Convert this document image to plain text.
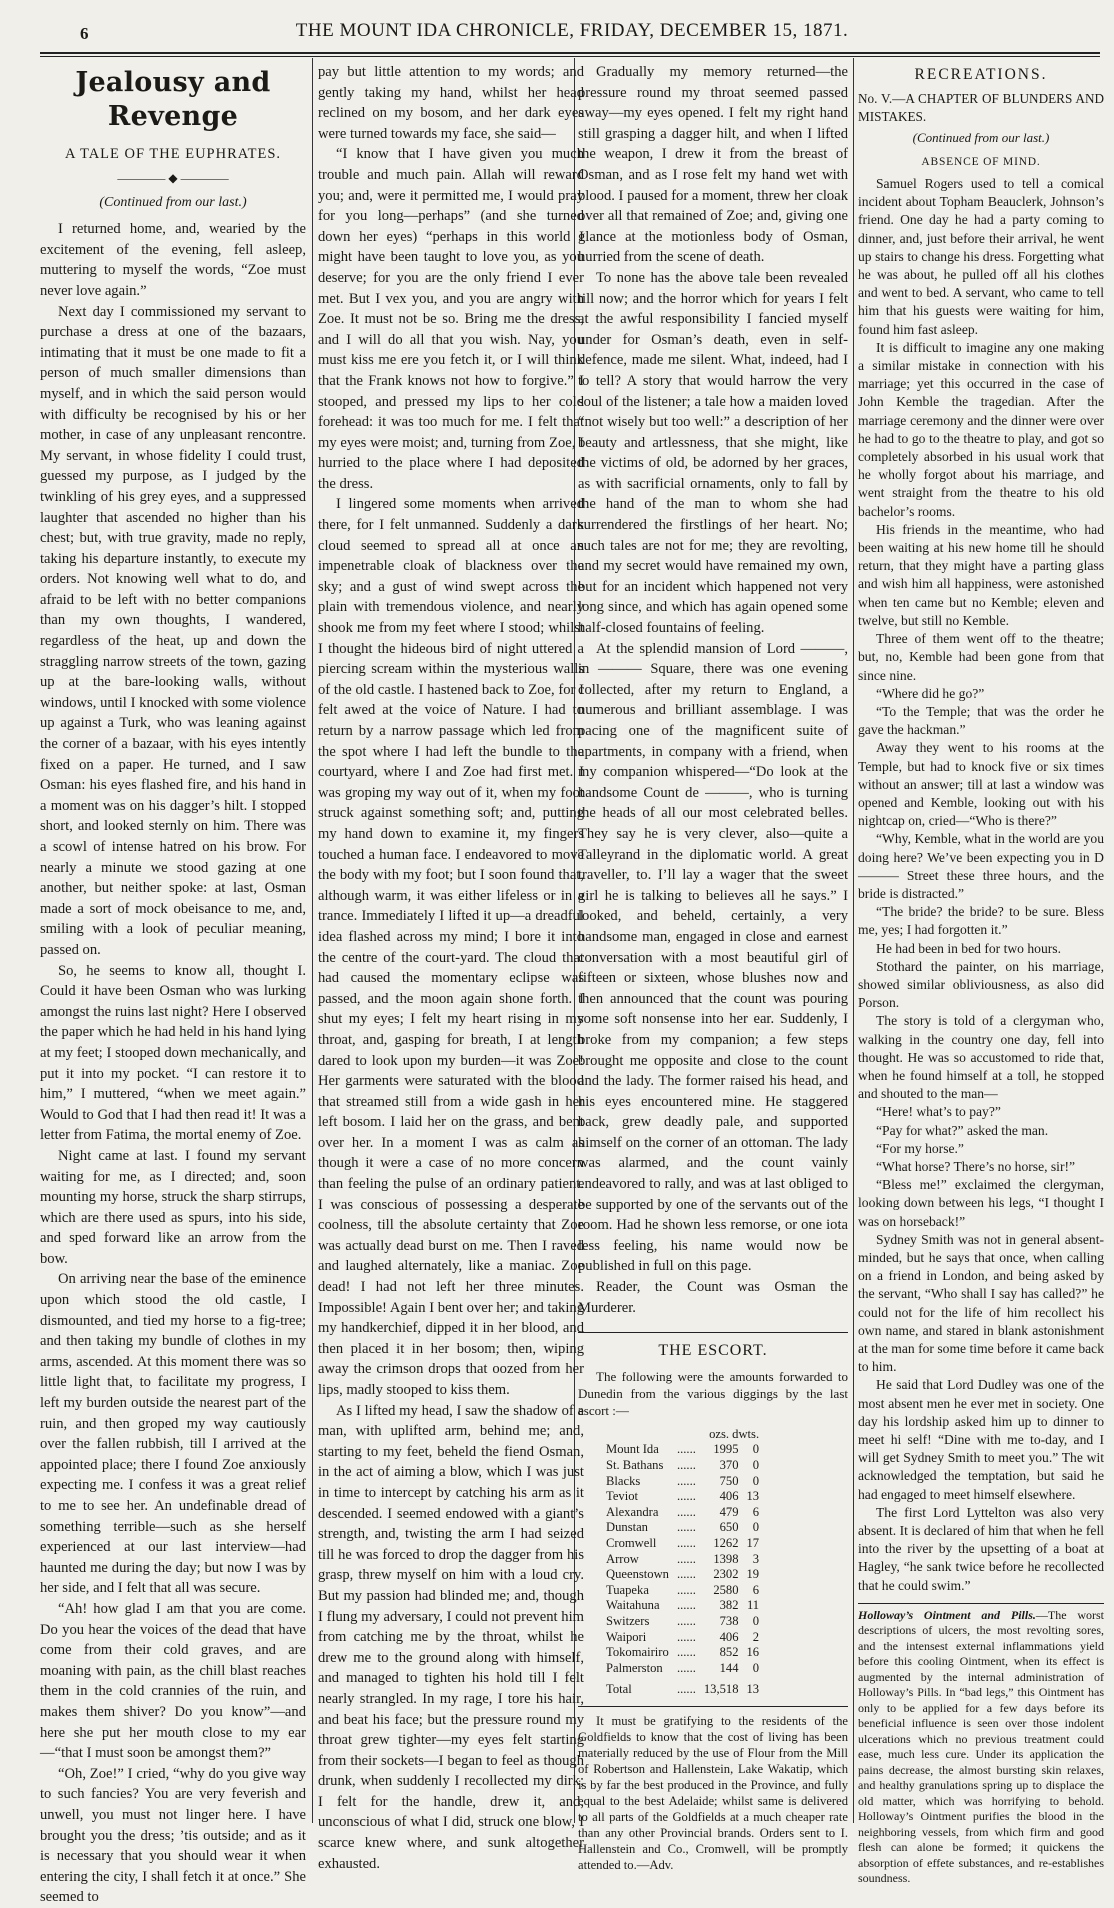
6	THE MOUNT IDA CHRONICLE, FRIDAY, DECEMBER 15, 1871.
Jealousy and Revenge
A TALE OF THE EUPHRATES.
———— ◆ ————
(Continued from our last.)

I returned home, and, wearied by the excitement of the evening, fell asleep, muttering to myself the words, “Zoe must never love again.”

Next day I commissioned my servant to purchase a dress at one of the bazaars, intimating that it must be one made to fit a person of much smaller dimensions than myself, and in which the said person would with difficulty be recognised by his or her mother, in case of any unpleasant rencontre. My servant, in whose fidelity I could trust, guessed my purpose, as I judged by the twinkling of his grey eyes, and a suppressed laughter that ascended no higher than his chest; but, with true gravity, made no reply, taking his departure instantly, to execute my orders. Not knowing well what to do, and afraid to be left with no better companions than my own thoughts, I wandered, regardless of the heat, up and down the straggling narrow streets of the town, gazing up at the bare-looking walls, without windows, until I knocked with some violence up against a Turk, who was leaning against the corner of a bazaar, with his eyes intently fixed on a paper. He turned, and I saw Osman: his eyes flashed fire, and his hand in a moment was on his dagger’s hilt. I stopped short, and looked sternly on him. There was a scowl of intense hatred on his brow. For nearly a minute we stood gazing at one another, but neither spoke: at last, Osman made a sort of mock obeisance to me, and, smiling with a look of peculiar meaning, passed on.

So, he seems to know all, thought I. Could it have been Osman who was lurking amongst the ruins last night? Here I observed the paper which he had held in his hand lying at my feet; I stooped down mechanically, and put it into my pocket. “I can restore it to him,” I muttered, “when we meet again.” Would to God that I had then read it! It was a letter from Fatima, the mortal enemy of Zoe.

Night came at last. I found my servant waiting for me, as I directed; and, soon mounting my horse, struck the sharp stirrups, which are there used as spurs, into his side, and sped forward like an arrow from the bow.

On arriving near the base of the eminence upon which stood the old castle, I dismounted, and tied my horse to a fig-tree; and then taking my bundle of clothes in my arms, ascended. At this moment there was so little light that, to facilitate my progress, I left my burden outside the nearest part of the ruin, and then groped my way cautiously over the fallen rubbish, till I arrived at the appointed place; there I found Zoe anxiously expecting me. I confess it was a great relief to me to see her. An undefinable dread of something terrible—such as she herself experienced at our last interview—had haunted me during the day; but now I was by her side, and I felt that all was secure.

“Ah! how glad I am that you are come. Do you hear the voices of the dead that have come from their cold graves, and are moaning with pain, as the chill blast reaches them in the cold crannies of the ruin, and makes them shiver? Do you know”—and here she put her mouth close to my ear—“that I must soon be amongst them?”

“Oh, Zoe!” I cried, “why do you give way to such fancies? You are very feverish and unwell, you must not linger here. I have brought you the dress; ’tis outside; and as it is necessary that you should wear it when entering the city, I shall fetch it at once.” She seemed to

pay but little attention to my words; and gently taking my hand, whilst her head reclined on my bosom, and her dark eyes were turned towards my face, she said—

“I know that I have given you much trouble and much pain. Allah will reward you; and, were it permitted me, I would pray for you long—perhaps” (and she turned down her eyes) “perhaps in this world I might have been taught to love you, as you deserve; for you are the only friend I ever met. But I vex you, and you are angry with Zoe. It must not be so. Bring me the dress, and I will do all that you wish. Nay, you must kiss me ere you fetch it, or I will think that the Frank knows not how to forgive.” I stooped, and pressed my lips to her cold forehead: it was too much for me. I felt that my eyes were moist; and, turning from Zoe, I hurried to the place where I had deposited the dress.

I lingered some moments when arrived there, for I felt unmanned. Suddenly a dark cloud seemed to spread all at once an impenetrable cloak of blackness over the sky; and a gust of wind swept across the plain with tremendous violence, and nearly shook me from my feet where I stood; whilst I thought the hideous bird of night uttered a piercing scream within the mysterious walls of the old castle. I hastened back to Zoe, for I felt awed at the voice of Nature. I had to return by a narrow passage which led from the spot where I had left the bundle to the courtyard, where I and Zoe had first met. I was groping my way out of it, when my foot struck against something soft; and, putting my hand down to examine it, my fingers touched a human face. I endeavored to move the body with my foot; but I soon found that, although warm, it was either lifeless or in a trance. Immediately I lifted it up—a dreadful idea flashed across my mind; I bore it into the centre of the court-yard. The cloud that had caused the momentary eclipse was passed, and the moon again shone forth. I shut my eyes; I felt my heart rising in my throat, and, gasping for breath, I at length dared to look upon my burden—it was Zoe! Her garments were saturated with the blood that streamed still from a wide gash in her left bosom. I laid her on the grass, and bent over her. In a moment I was as calm as though it were a case of no more concern than feeling the pulse of an ordinary patient. I was conscious of possessing a desperate coolness, till the absolute certainty that Zoe was actually dead burst on me. Then I raved and laughed alternately, like a maniac. Zoe dead! I had not left her three minutes. Impossible! Again I bent over her; and taking my handkerchief, dipped it in her blood, and then placed it in her bosom; then, wiping away the crimson drops that oozed from her lips, madly stooped to kiss them.

As I lifted my head, I saw the shadow of a man, with uplifted arm, behind me; and, starting to my feet, beheld the fiend Osman, in the act of aiming a blow, which I was just in time to intercept by catching his arm as it descended. I seemed endowed with a giant’s strength, and, twisting the arm I had seized till he was forced to drop the dagger from his grasp, threw myself on him with a loud cry. But my passion had blinded me; and, though I flung my adversary, I could not prevent him from catching me by the throat, whilst he drew me to the ground along with himself, and managed to tighten his hold till I felt nearly strangled. In my rage, I tore his hair, and beat his face; but the pressure round my throat grew tighter—my eyes felt starting from their sockets—I began to feel as though drunk, when suddenly I recollected my dirk; I felt for the handle, drew it, and, unconscious of what I did, struck one blow, I scarce knew where, and sunk altogether exhausted.

Gradually my memory returned—the pressure round my throat seemed passed away—my eyes opened. I felt my right hand still grasping a dagger hilt, and when I lifted the weapon, I drew it from the breast of Osman, and as I rose felt my hand wet with blood. I paused for a moment, threw her cloak over all that remained of Zoe; and, giving one glance at the motionless body of Osman, hurried from the scene of death.

To none has the above tale been revealed till now; and the horror which for years I felt at the awful responsibility I fancied myself under for Osman’s death, even in self-defence, made me silent. What, indeed, had I to tell? A story that would harrow the very soul of the listener; a tale how a maiden loved “not wisely but too well:” a description of her beauty and artlessness, that she might, like the victims of old, be adorned by her graces, as with sacrificial ornaments, only to fall by the hand of the man to whom she had surrendered the firstlings of her heart. No; such tales are not for me; they are revolting, and my secret would have remained my own, but for an incident which happened not very long since, and which has again opened some half-closed fountains of feeling.

At the splendid mansion of Lord ———, in ——— Square, there was one evening collected, after my return to England, a numerous and brilliant assemblage. I was pacing one of the magnificent suite of apartments, in company with a friend, when my companion whispered—“Do look at the handsome Count de ———, who is turning the heads of all our most celebrated belles. They say he is very clever, also—quite a Talleyrand in the diplomatic world. A great traveller, to. I’ll lay a wager that the sweet girl he is talking to believes all he says.” I looked, and beheld, certainly, a very handsome man, engaged in close and earnest conversation with a most beautiful girl of fifteen or sixteen, whose blushes now and then announced that the count was pouring some soft nonsense into her ear. Suddenly, I broke from my companion; a few steps brought me opposite and close to the count and the lady. The former raised his head, and his eyes encountered mine. He staggered back, grew deadly pale, and supported himself on the corner of an ottoman. The lady was alarmed, and the count vainly endeavored to rally, and was at last obliged to be supported by one of the servants out of the room. Had he shown less remorse, or one iota less feeling, his name would now be published in full on this page.

Reader, the Count was Osman the Murderer.

THE ESCORT.

The following were the amounts forwarded to Dunedin from the various diggings by the last escort :—

		ozs. dwts.	
Mount Ida	......	1995	0
St. Bathans	......	370	0
Blacks	......	750	0
Teviot	......	406	13
Alexandra	......	479	6
Dunstan	......	650	0
Cromwell	......	1262	17
Arrow	......	1398	3
Queenstown	......	2302	19
Tuapeka	......	2580	6
Waitahuna	......	382	11
Switzers	......	738	0
Waipori	......	406	2
Tokomairiro	......	852	16
Palmerston	......	144	0
Total	......	13,518	13

It must be gratifying to the residents of the Goldfields to know that the cost of living has been materially reduced by the use of Flour from the Mill of Robertson and Hallenstein, Lake Wakatip, which is by far the best produced in the Province, and fully equal to the best Adelaide; whilst same is delivered to all parts of the Goldfields at a much cheaper rate than any other Provincial brands. Orders sent to I. Hallenstein and Co., Cromwell, will be promptly attended to.—Adv.

RECREATIONS.

No. V.—A CHAPTER OF BLUNDERS AND MISTAKES.

(Continued from our last.)
ABSENCE OF MIND.

Samuel Rogers used to tell a comical incident about Topham Beauclerk, Johnson’s friend. One day he had a party coming to dinner, and, just before their arrival, he went up stairs to change his dress. Forgetting what he was about, he pulled off all his clothes and went to bed. A servant, who came to tell him that his guests were waiting for him, found him fast asleep.

It is difficult to imagine any one making a similar mistake in connection with his marriage; yet this occurred in the case of John Kemble the tragedian. After the marriage ceremony and the dinner were over he had to go to the theatre to play, and got so completely absorbed in his usual work that he wholly forgot about his marriage, and went straight from the theatre to his old bachelor’s rooms.

His friends in the meantime, who had been waiting at his new home till he should return, that they might have a parting glass and wish him all happiness, were astonished when ten came but no Kemble; eleven and twelve, but still no Kemble.

Three of them went off to the theatre; but, no, Kemble had been gone from that since nine.

“Where did he go?”

“To the Temple; that was the order he gave the hackman.”

Away they went to his rooms at the Temple, but had to knock five or six times without an answer; till at last a window was opened and Kemble, looking out with his nightcap on, cried—“Who is there?”

“Why, Kemble, what in the world are you doing here? We’ve been expecting you in D——— Street these three hours, and the bride is distracted.”

“The bride? the bride? to be sure. Bless me, yes; I had forgotten it.”

He had been in bed for two hours.

Stothard the painter, on his marriage, showed similar obliviousness, as also did Porson.

The story is told of a clergyman who, walking in the country one day, fell into thought. He was so accustomed to ride that, when he found himself at a toll, he stopped and shouted to the man—

“Here! what’s to pay?”

“Pay for what?” asked the man.

“For my horse.”

“What horse? There’s no horse, sir!”

“Bless me!” exclaimed the clergyman, looking down between his legs, “I thought I was on horseback!”

Sydney Smith was not in general absent-minded, but he says that once, when calling on a friend in London, and being asked by the servant, “Who shall I say has called?” he could not for the life of him recollect his own name, and stared in blank astonishment at the man for some time before it came back to him.

He said that Lord Dudley was one of the most absent men he ever met in society. One day his lordship asked him up to dinner to meet hi self! “Dine with me to-day, and I will get Sydney Smith to meet you.” The wit acknowledged the temptation, but said he had engaged to meet himself elsewhere.

The first Lord Lyttelton was also very absent. It is declared of him that when he fell into the river by the upsetting of a boat at Hagley, “he sank twice before he recollected that he could swim.”

Holloway’s Ointment and Pills.—The worst descriptions of ulcers, the most revolting sores, and the intensest external inflammations yield before this cooling Ointment, when its effect is augmented by the internal administration of Holloway’s Pills. In “bad legs,” this Ointment has only to be applied for a few days before its beneficial influence is seen over those indolent ulcerations which no previous treatment could ease, much less cure. Under its application the pains decrease, the almost bursting skin relaxes, and healthy granulations spring up to displace the old matter, which was horrifying to behold. Holloway’s Ointment purifies the blood in the neighboring vessels, from which firm and good flesh can alone be formed; it quickens the absorption of effete substances, and re-establishes soundness.
